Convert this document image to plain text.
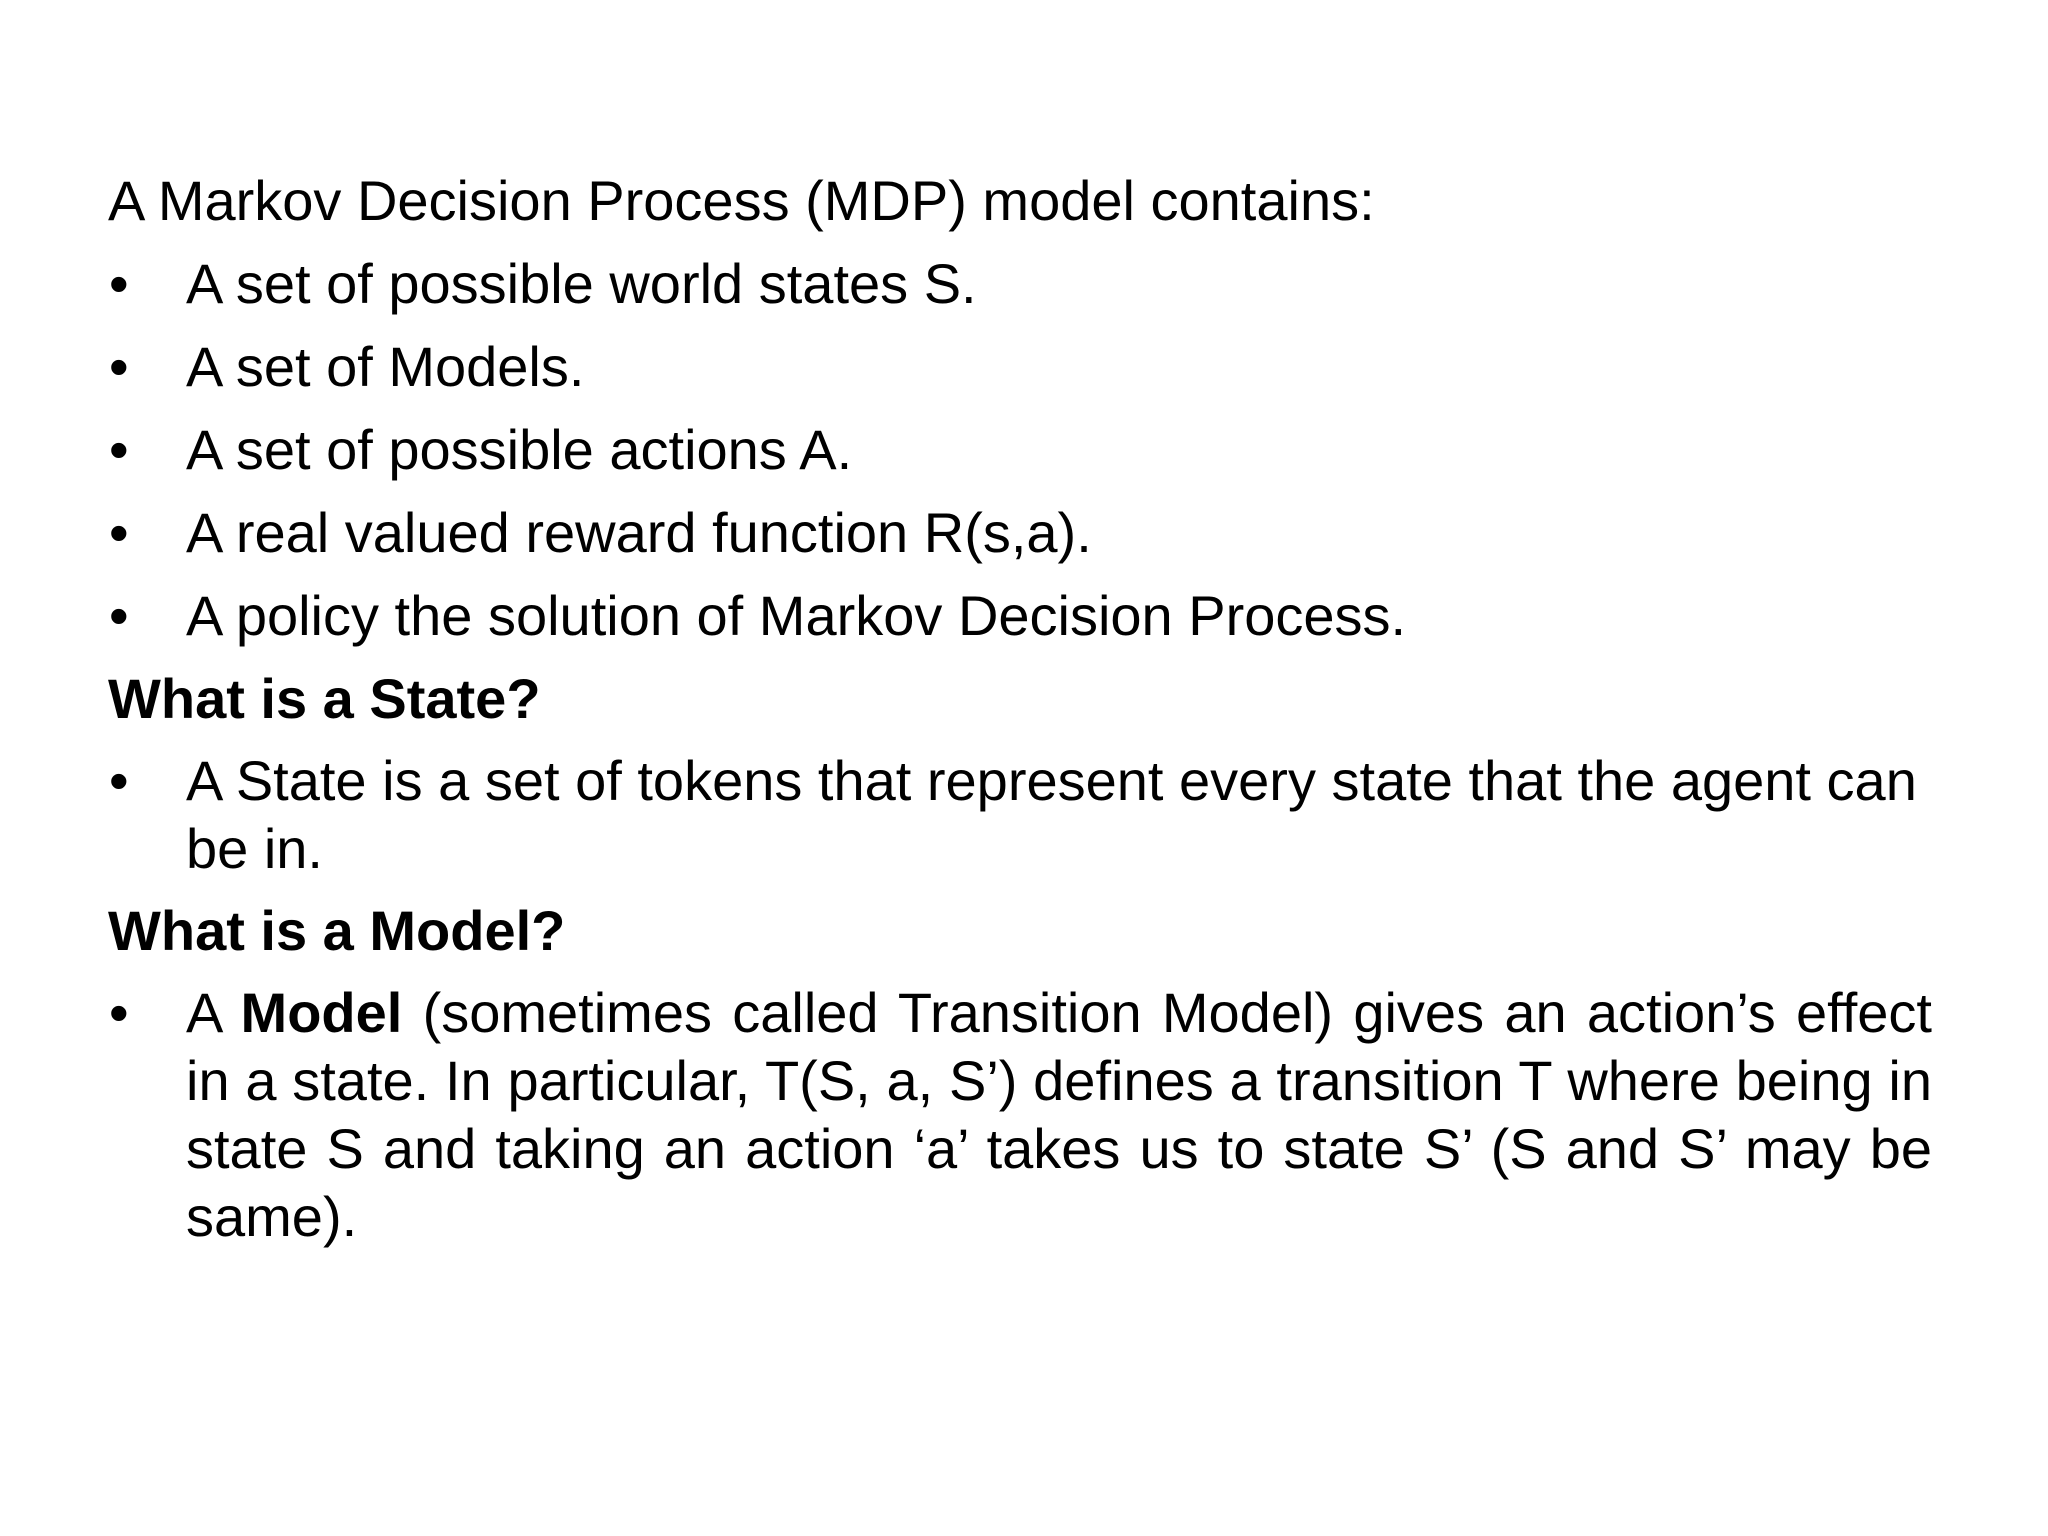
A Markov Decision Process (MDP) model contains:
• A set of possible world states S.
• A set of Models.
• A set of possible actions A.
• A real valued reward function R(s,a).
• A policy the solution of Markov Decision Process.
What is a State?
• A State is a set of tokens that represent every state that the agent can be in.
What is a Model?
• A Model (sometimes called Transition Model) gives an action’s effect in a state. In particular, T(S, a, S’) defines a transition T where being in state S and taking an action ‘a’ takes us to state S’ (S and S’ may be same).
